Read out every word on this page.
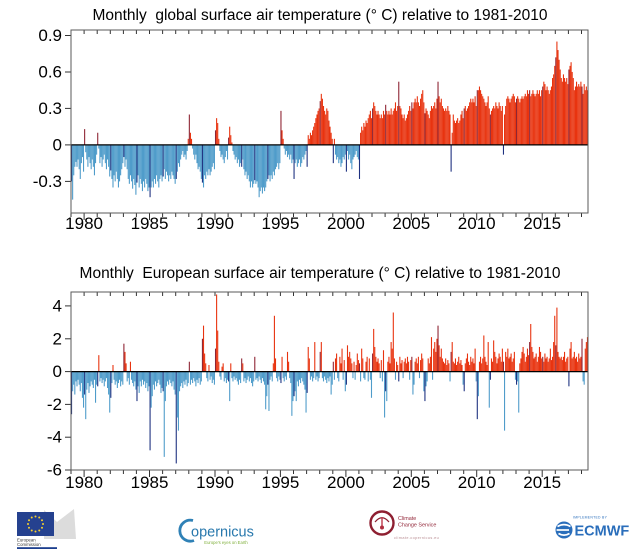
Monthly  global surface air temperature (° C) relative to 1981-2010
Monthly  European surface air temperature (° C) relative to 1981-2010
1980 1985 1990 1995 2000 2005 2010 2015
0.9
0.6
0.3
0
-0.3
1980 1985 1990 1995 2000 2005 2010 2015
4
2
0
-2
-4
-6
European
Commission
opernicus
Europe's eyes on Earth
Climate
Change Service
climate.copernicus.eu
IMPLEMENTED BY
ECMWF
